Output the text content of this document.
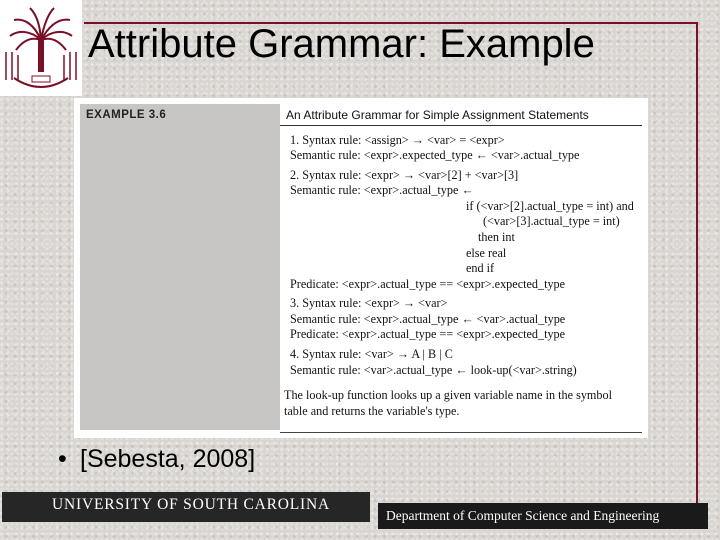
Attribute Grammar: Example
EXAMPLE 3.6	An Attribute Grammar for Simple Assignment Statements
1. Syntax rule: <assign> → <var> = <expr>
Semantic rule: <expr>.expected_type ← <var>.actual_type
2. Syntax rule: <expr> → <var>[2] + <var>[3]
Semantic rule: <expr>.actual_type ←
if (<var>[2].actual_type = int) and
(<var>[3].actual_type = int)
then int
else real
end if
Predicate: <expr>.actual_type == <expr>.expected_type
3. Syntax rule: <expr> → <var>
Semantic rule: <expr>.actual_type ← <var>.actual_type
Predicate: <expr>.actual_type == <expr>.expected_type
4. Syntax rule: <var> → A | B | C
Semantic rule: <var>.actual_type ← look-up(<var>.string)
The look-up function looks up a given variable name in the symbol table and returns the variable's type.
• [Sebesta, 2008]
UNIVERSITY OF SOUTH CAROLINA
Department of Computer Science and Engineering
